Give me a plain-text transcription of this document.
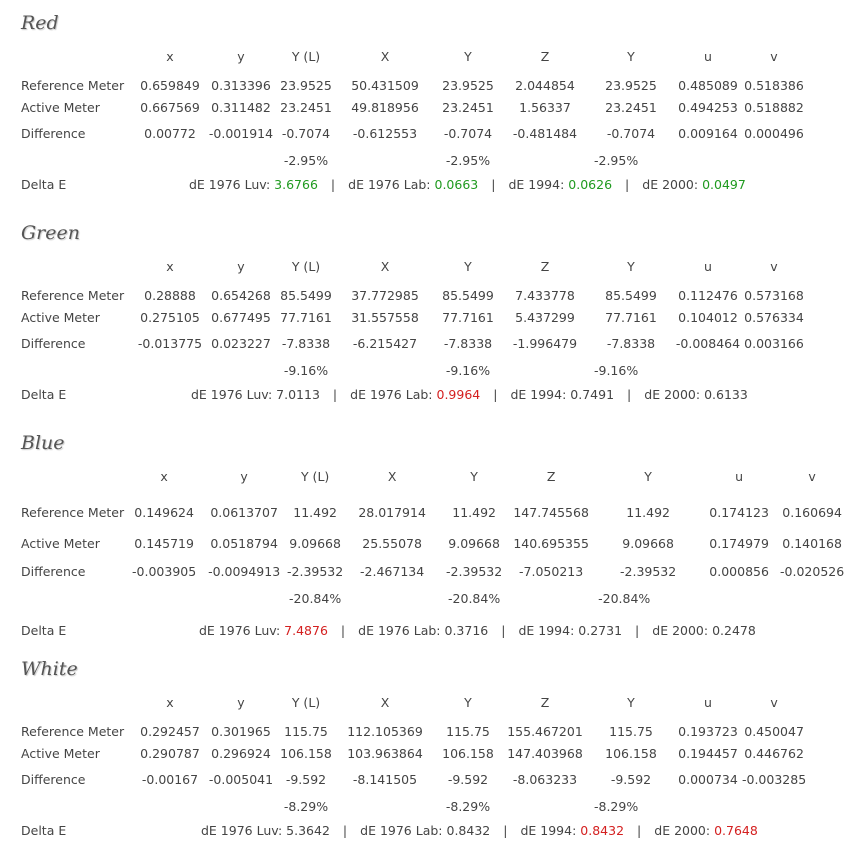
Red
	x	y	Y (L)	X	Y	Z	Y	u	v
Reference Meter	0.659849	0.313396	23.9525	50.431509	23.9525	2.044854	23.9525	0.485089	0.518386
Active Meter	0.667569	0.311482	23.2451	49.818956	23.2451	1.56337	23.2451	0.494253	0.518882
Difference	0.00772	-0.001914	-0.7074	-0.612553	-0.7074	-0.481484	-0.7074	0.009164	0.000496
			-2.95%		-2.95%		-2.95%		
Delta E	dE 1976 Luv: 3.6766 | dE 1976 Lab: 0.0663 | dE 1994: 0.0626 | dE 2000: 0.0497
Green
	x	y	Y (L)	X	Y	Z	Y	u	v
Reference Meter	0.28888	0.654268	85.5499	37.772985	85.5499	7.433778	85.5499	0.112476	0.573168
Active Meter	0.275105	0.677495	77.7161	31.557558	77.7161	5.437299	77.7161	0.104012	0.576334
Difference	-0.013775	0.023227	-7.8338	-6.215427	-7.8338	-1.996479	-7.8338	-0.008464	0.003166
			-9.16%		-9.16%		-9.16%		
Delta E	dE 1976 Luv: 7.0113 | dE 1976 Lab: 0.9964 | dE 1994: 0.7491 | dE 2000: 0.6133
Blue
	x	y	Y (L)	X	Y	Z	Y	u	v
Reference Meter	0.149624	0.0613707	11.492	28.017914	11.492	147.745568	11.492	0.174123	0.160694
Active Meter	0.145719	0.0518794	9.09668	25.55078	9.09668	140.695355	9.09668	0.174979	0.140168
Difference	-0.003905	-0.0094913	-2.39532	-2.467134	-2.39532	-7.050213	-2.39532	0.000856	-0.020526
			-20.84%		-20.84%		-20.84%		
Delta E	dE 1976 Luv: 7.4876 | dE 1976 Lab: 0.3716 | dE 1994: 0.2731 | dE 2000: 0.2478
White
	x	y	Y (L)	X	Y	Z	Y	u	v
Reference Meter	0.292457	0.301965	115.75	112.105369	115.75	155.467201	115.75	0.193723	0.450047
Active Meter	0.290787	0.296924	106.158	103.963864	106.158	147.403968	106.158	0.194457	0.446762
Difference	-0.00167	-0.005041	-9.592	-8.141505	-9.592	-8.063233	-9.592	0.000734	-0.003285
			-8.29%		-8.29%		-8.29%		
Delta E	dE 1976 Luv: 5.3642 | dE 1976 Lab: 0.8432 | dE 1994: 0.8432 | dE 2000: 0.7648
